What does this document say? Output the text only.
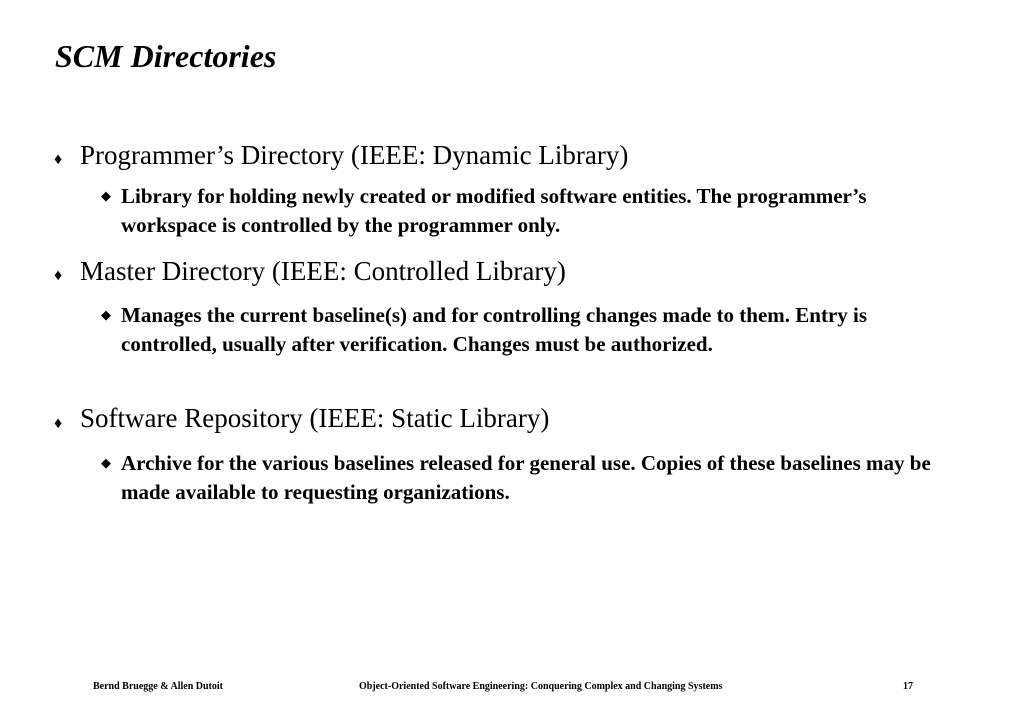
SCM Directories
♦ Programmer’s Directory (IEEE: Dynamic Library)
◆ Library for holding newly created or modified software entities. The programmer’s workspace is controlled by the programmer only.
♦ Master Directory (IEEE: Controlled Library)
◆ Manages the current baseline(s) and for controlling changes made to them. Entry is controlled, usually after verification. Changes must be authorized.
♦ Software Repository (IEEE: Static Library)
◆ Archive for the various baselines released for general use. Copies of these baselines may be made available to requesting organizations.
Bernd Bruegge & Allen Dutoit	Object-Oriented Software Engineering: Conquering Complex and Changing Systems	17
